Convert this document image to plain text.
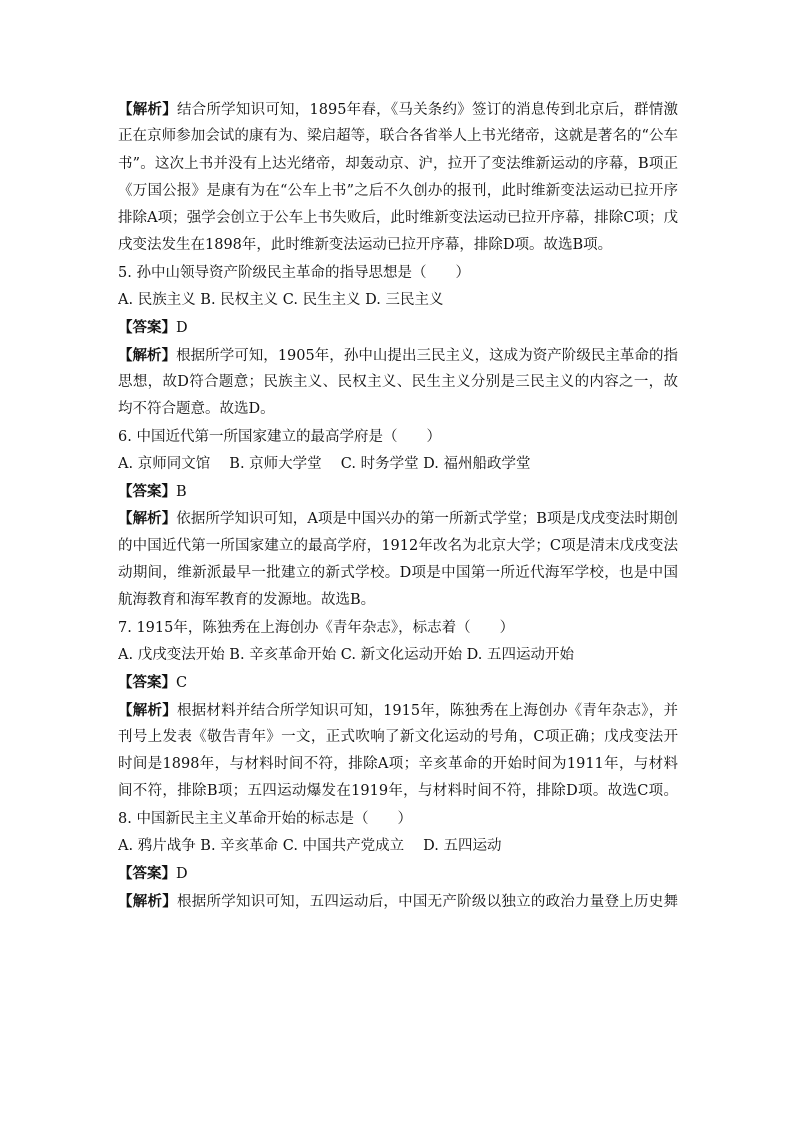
【解析】结合所学知识可知，1895年春，《马关条约》签订的消息传到北京后，群情激
正在京师参加会试的康有为、梁启超等，联合各省举人上书光绪帝，这就是著名的“公车
书”。这次上书并没有上达光绪帝，却轰动京、沪，拉开了变法维新运动的序幕，B项正
《万国公报》是康有为在“公车上书”之后不久创办的报刊，此时维新变法运动已拉开序
排除A项；强学会创立于公车上书失败后，此时维新变法运动已拉开序幕，排除C项；戊
戌变法发生在1898年，此时维新变法运动已拉开序幕，排除D项。故选B项。
5. 孙中山领导资产阶级民主革命的指导思想是（　　）
A. 民族主义 B. 民权主义 C. 民生主义 D. 三民主义
【答案】D
【解析】根据所学可知，1905年，孙中山提出三民主义，这成为资产阶级民主革命的指
思想，故D符合题意；民族主义、民权主义、民生主义分别是三民主义的内容之一，故
均不符合题意。故选D。
6. 中国近代第一所国家建立的最高学府是（　　）
A. 京师同文馆　 B. 京师大学堂　 C. 时务学堂 D. 福州船政学堂
【答案】B
【解析】依据所学知识可知，A项是中国兴办的第一所新式学堂；B项是戊戌变法时期创
的中国近代第一所国家建立的最高学府，1912年改名为北京大学；C项是清末戊戌变法
动期间，维新派最早一批建立的新式学校。D项是中国第一所近代海军学校，也是中国
航海教育和海军教育的发源地。故选B。
7. 1915年，陈独秀在上海创办《青年杂志》，标志着（　　）
A. 戊戌变法开始 B. 辛亥革命开始 C. 新文化运动开始 D. 五四运动开始
【答案】C
【解析】根据材料并结合所学知识可知，1915年，陈独秀在上海创办《青年杂志》，并
刊号上发表《敬告青年》一文，正式吹响了新文化运动的号角，C项正确；戊戌变法开
时间是1898年，与材料时间不符，排除A项；辛亥革命的开始时间为1911年，与材料
间不符，排除B项；五四运动爆发在1919年，与材料时间不符，排除D项。故选C项。
8. 中国新民主主义革命开始的标志是（　　）
A. 鸦片战争 B. 辛亥革命 C. 中国共产党成立　 D. 五四运动
【答案】D
【解析】根据所学知识可知，五四运动后，中国无产阶级以独立的政治力量登上历史舞
